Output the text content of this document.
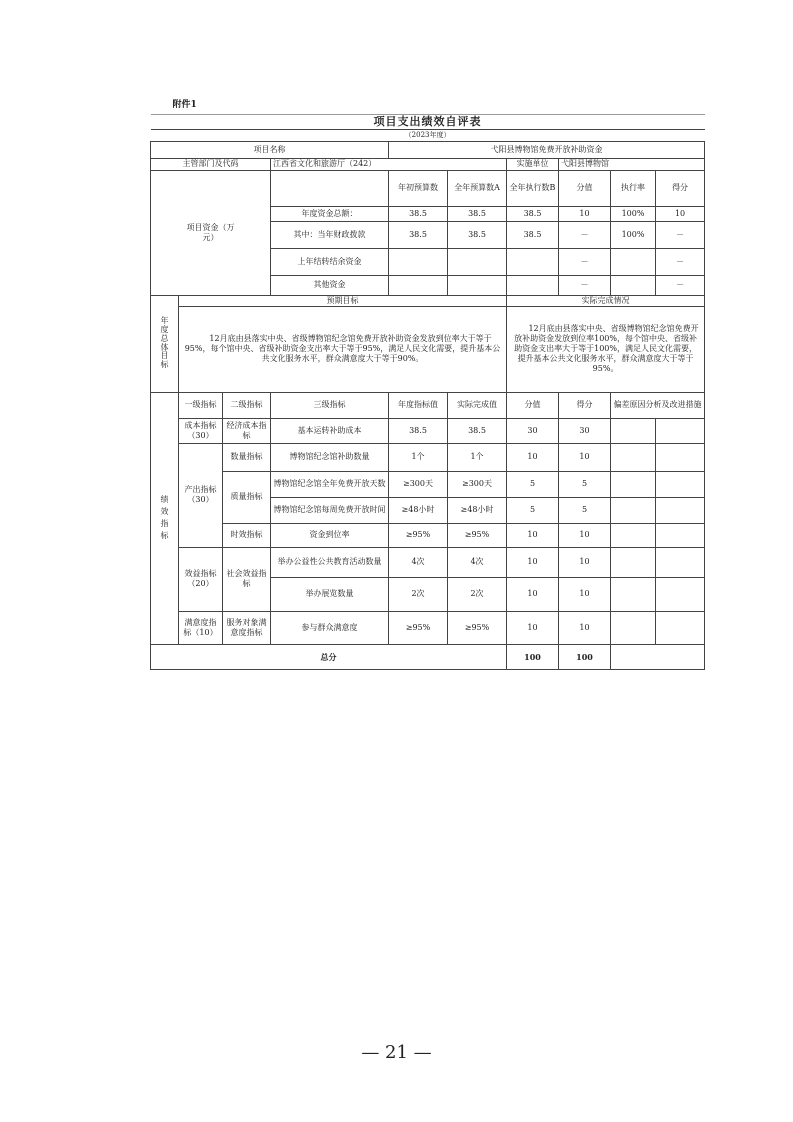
附件1									
项目支出绩效自评表									
（2023年度）									
项目名称				弋阳县博物馆免费开放补助资金					
主管部门及代码			江西省文化和旅游厅（242）			实施单位	弋阳县博物馆		
项目资金（万元）				年初预算数	全年预算数A	全年执行数B	分值	执行率	得分
			年度资金总额：	38.5	38.5	38.5	10	100%	10
			其中：当年财政拨款	38.5	38.5	38.5	－	100%	－
			上年结转结余资金				－		－
			其他资金				－		－

年度总体目标	预期目标					实际完成情况			
	12月底由县落实中央、省级博物馆纪念馆免费开放补助资金发放到位率大于等于95%，每个馆中央、省级补助资金支出率大于等于95%，满足人民文化需要，提升基本公共文化服务水平，群众满意度大于等于90%。					12月底由县落实中央、省级博物馆纪念馆免费开放补助资金发放到位率100%，每个馆中央、省级补助资金支出率大于等于100%，满足人民文化需要，提升基本公共文化服务水平，群众满意度大于等于95%。			

绩效指标	一级指标	二级指标	三级指标	年度指标值	实际完成值	分值	得分	偏差原因分析及改进措施	
	成本指标（30）	经济成本指标	基本运转补助成本	38.5	38.5	30	30		
	产出指标（30）	数量指标	博物馆纪念馆补助数量	1个	1个	10	10		
		质量指标	博物馆纪念馆全年免费开放天数	≥300天	≥300天	5	5		
			博物馆纪念馆每周免费开放时间	≥48小时	≥48小时	5	5		
		时效指标	资金到位率	≥95%	≥95%	10	10		
	效益指标（20）	社会效益指标	举办公益性公共教育活动数量	4次	4次	10	10		
			举办展览数量	2次	2次	10	10		
	满意度指标（10）	服务对象满意度指标	参与群众满意度	≥95%	≥95%	10	10		
总分						100	100		
— 21 —
